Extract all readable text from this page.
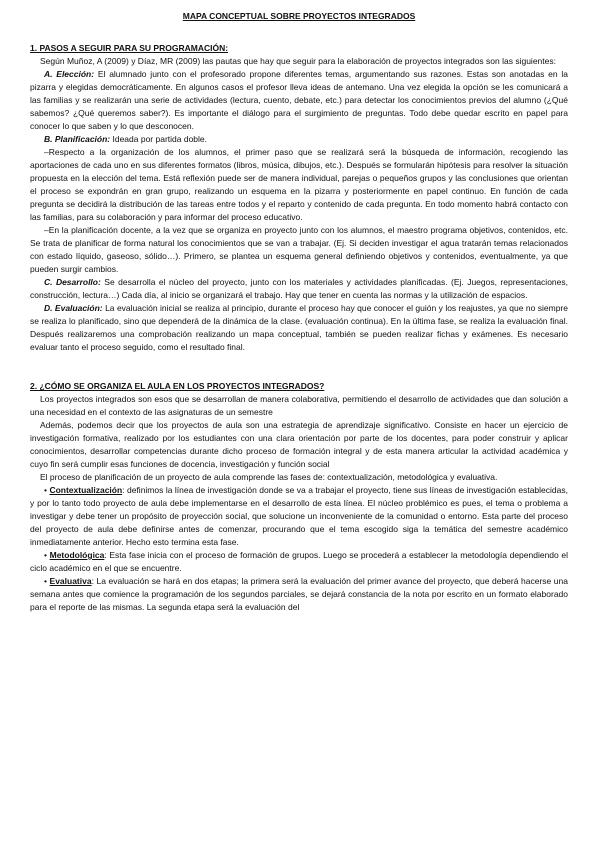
MAPA CONCEPTUAL SOBRE PROYECTOS INTEGRADOS
1. PASOS A SEGUIR PARA SU PROGRAMACIÓN:

Según Muñoz, A (2009) y Díaz, MR (2009) las pautas que hay que seguir para la elaboración de proyectos integrados son las siguientes:

A. Elección: El alumnado junto con el profesorado propone diferentes temas, argumentando sus razones. Estas son anotadas en la pizarra y elegidas democráticamente. En algunos casos el profesor lleva ideas de antemano. Una vez elegida la opción se les comunicará a las familias y se realizarán una serie de actividades (lectura, cuento, debate, etc.) para detectar los conocimientos previos del alumno (¿Qué sabemos? ¿Qué queremos saber?). Es importante el diálogo para el surgimiento de preguntas. Todo debe quedar escrito en papel para conocer lo que saben y lo que desconocen.

B. Planificación: Ideada por partida doble.

–Respecto a la organización de los alumnos, el primer paso que se realizará será la búsqueda de información, recogiendo las aportaciones de cada uno en sus diferentes formatos (libros, música, dibujos, etc.). Después se formularán hipótesis para resolver la situación propuesta en la elección del tema. Está reflexión puede ser de manera individual, parejas o pequeños grupos y las conclusiones que orientan el proceso se expondrán en gran grupo, realizando un esquema en la pizarra y posteriormente en papel continuo. En función de cada pregunta se decidirá la distribución de las tareas entre todos y el reparto y contenido de cada pregunta. En todo momento habrá contacto con las familias, para su colaboración y para informar del proceso educativo.

–En la planificación docente, a la vez que se organiza en proyecto junto con los alumnos, el maestro programa objetivos, contenidos, etc. Se trata de planificar de forma natural los conocimientos que se van a trabajar. (Ej. Si deciden investigar el agua tratarán temas relacionados con estado líquido, gaseoso, sólido…). Primero, se plantea un esquema general definiendo objetivos y contenidos, eventualmente, ya que pueden surgir cambios.

C. Desarrollo: Se desarrolla el núcleo del proyecto, junto con los materiales y actividades planificadas. (Ej. Juegos, representaciones, construcción, lectura…) Cada día, al inicio se organizará el trabajo. Hay que tener en cuenta las normas y la utilización de espacios.

D. Evaluación: La evaluación inicial se realiza al principio, durante el proceso hay que conocer el guión y los reajustes, ya que no siempre se realiza lo planificado, sino que dependerá de la dinámica de la clase. (evaluación continua). En la última fase, se realiza la evaluación final. Después realizaremos una comprobación realizando un mapa conceptual, también se pueden realizar fichas y exámenes. Es necesario evaluar tanto el proceso seguido, como el resultado final.

2. ¿CÓMO SE ORGANIZA EL AULA EN LOS PROYECTOS INTEGRADOS?

Los proyectos integrados son esos que se desarrollan de manera colaborativa, permitiendo el desarrollo de actividades que dan solución a una necesidad en el contexto de las asignaturas de un semestre

Además, podemos decir que los proyectos de aula son una estrategia de aprendizaje significativo. Consiste en hacer un ejercicio de investigación formativa, realizado por los estudiantes con una clara orientación por parte de los docentes, para poder construir y aplicar conocimientos, desarrollar competencias durante dicho proceso de formación integral y de esta manera articular la actividad académica y cuyo fin será cumplir esas funciones de docencia, investigación y función social

El proceso de planificación de un proyecto de aula comprende las fases de: contextualización, metodológica y evaluativa.

• Contextualización: definimos la línea de investigación donde se va a trabajar el proyecto, tiene sus líneas de investigación establecidas, y por lo tanto todo proyecto de aula debe implementarse en el desarrollo de esta línea. El núcleo problémico es pues, el tema o problema a investigar y debe tener un propósito de proyección social, que solucione un inconveniente de la comunidad o entorno. Esta parte del proceso del proyecto de aula debe definirse antes de comenzar, procurando que el tema escogido siga la temática del semestre académico inmediatamente anterior. Hecho esto termina esta fase.

• Metodológica: Esta fase inicia con el proceso de formación de grupos. Luego se procederá a establecer la metodología dependiendo el ciclo académico en el que se encuentre.

• Evaluativa: La evaluación se hará en dos etapas; la primera será la evaluación del primer avance del proyecto, que deberá hacerse una semana antes que comience la programación de los segundos parciales, se dejará constancia de la nota por escrito en un formato elaborado para el reporte de las mismas. La segunda etapa será la evaluación del
